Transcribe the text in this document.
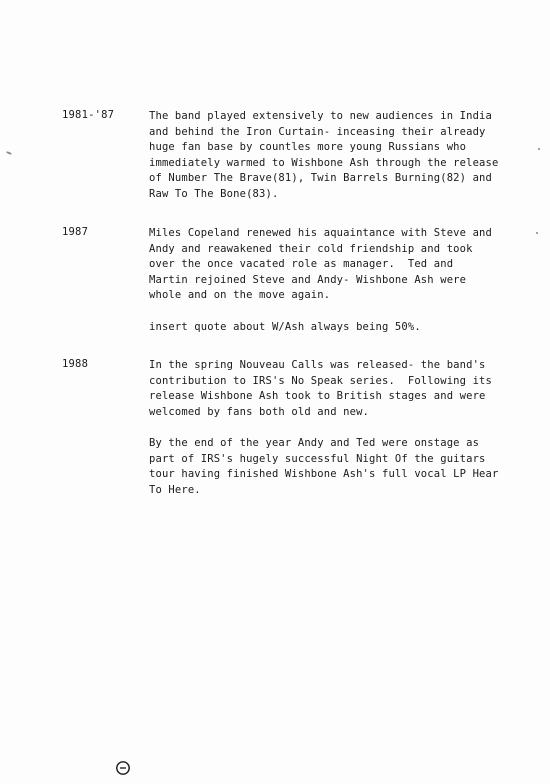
1981-'87	The band played extensively to new audiences in India
and behind the Iron Curtain- inceasing their already
huge fan base by countles more young Russians who
immediately warmed to Wishbone Ash through the release
of Number The Brave(81), Twin Barrels Burning(82) and
Raw To The Bone(83).

1987	Miles Copeland renewed his aquaintance with Steve and
Andy and reawakened their cold friendship and took
over the once vacated role as manager.  Ted and
Martin rejoined Steve and Andy- Wishbone Ash were
whole and on the move again.

insert quote about W/Ash always being 50%.

1988	In the spring Nouveau Calls was released- the band's
contribution to IRS's No Speak series.  Following its
release Wishbone Ash took to British stages and were
welcomed by fans both old and new.

By the end of the year Andy and Ted were onstage as
part of IRS's hugely successful Night Of the guitars
tour having finished Wishbone Ash's full vocal LP Hear
To Here.
